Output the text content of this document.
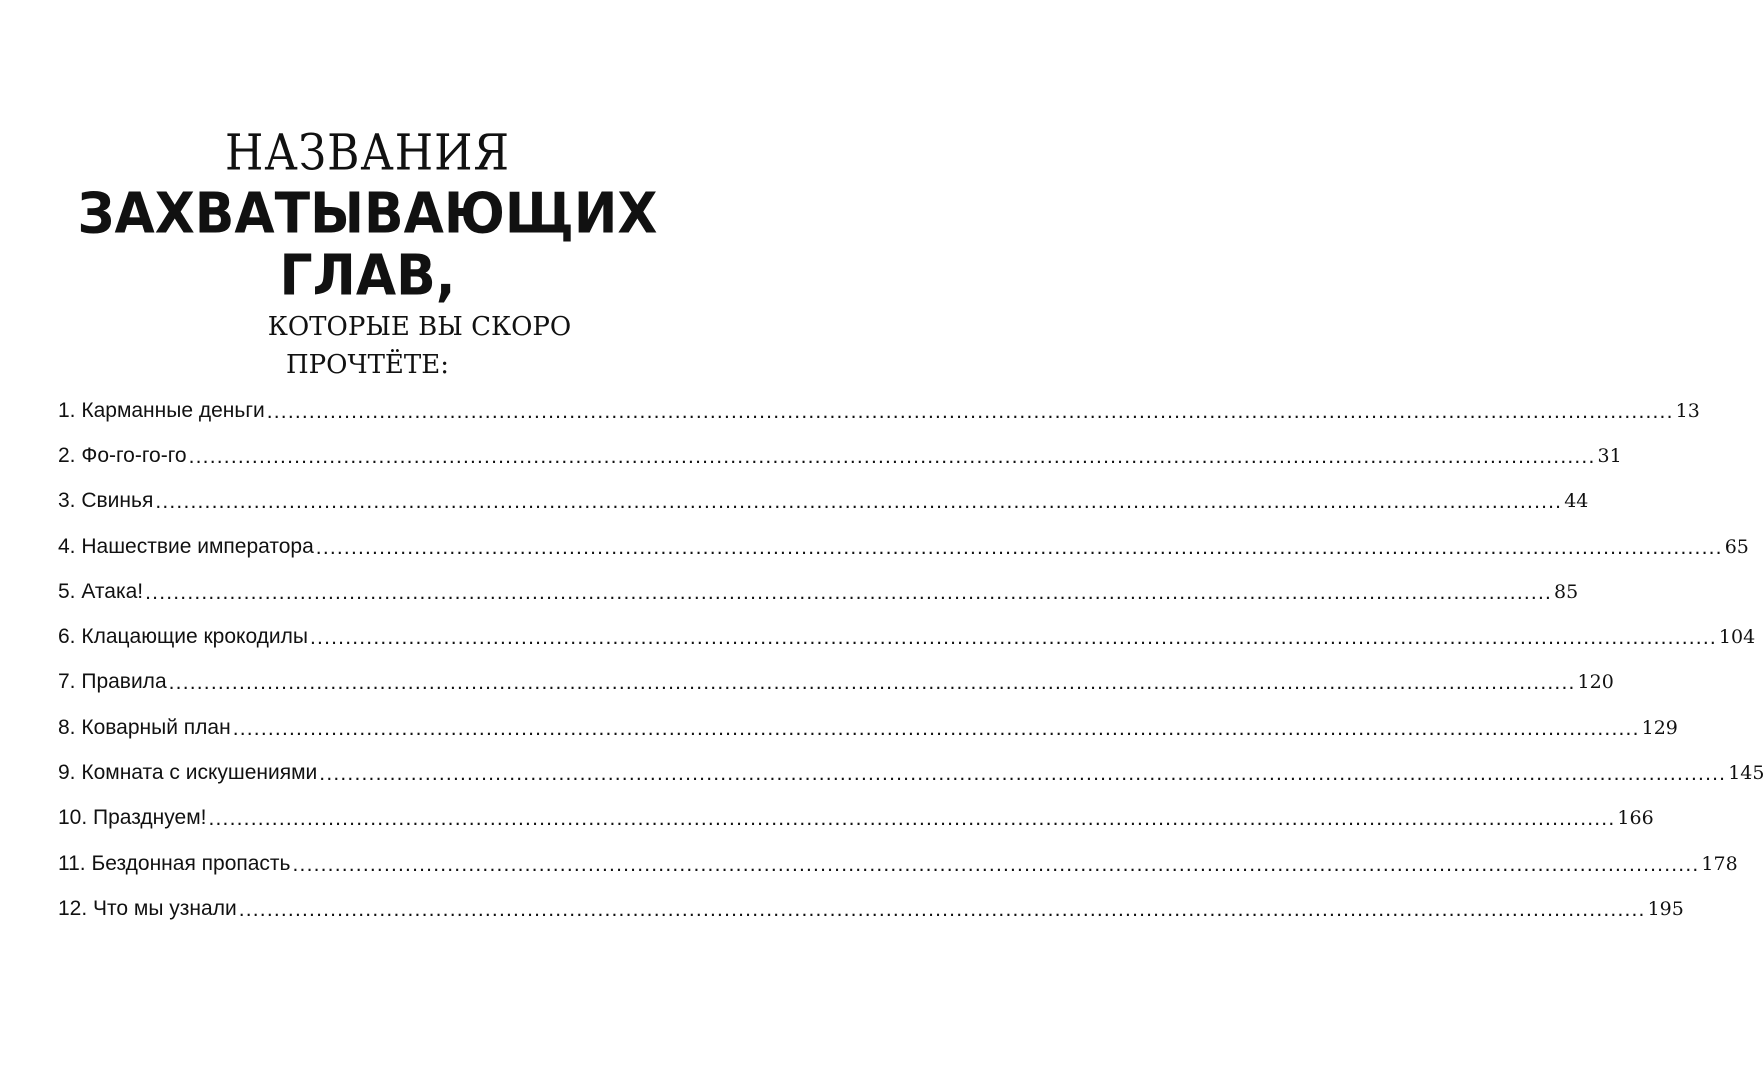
НАЗВАНИЯ
ЗАХВАТЫВАЮЩИХ
ГЛАВ,
КОТОРЫЕ ВЫ СКОРО
ПРОЧТЁТЕ:
1. Карманные деньги ........................................................................................................................................................................................................ 13
2. Фо-го-го-го ........................................................................................................................................................................................................ 31
3. Свинья ........................................................................................................................................................................................................ 44
4. Нашествие императора ........................................................................................................................................................................................................ 65
5. Атака! ........................................................................................................................................................................................................ 85
6. Клацающие крокодилы ........................................................................................................................................................................................................ 104
7. Правила ........................................................................................................................................................................................................ 120
8. Коварный план ........................................................................................................................................................................................................ 129
9. Комната с искушениями ........................................................................................................................................................................................................ 145
10. Празднуем! ........................................................................................................................................................................................................ 166
11. Бездонная пропасть ........................................................................................................................................................................................................ 178
12. Что мы узнали ........................................................................................................................................................................................................ 195
